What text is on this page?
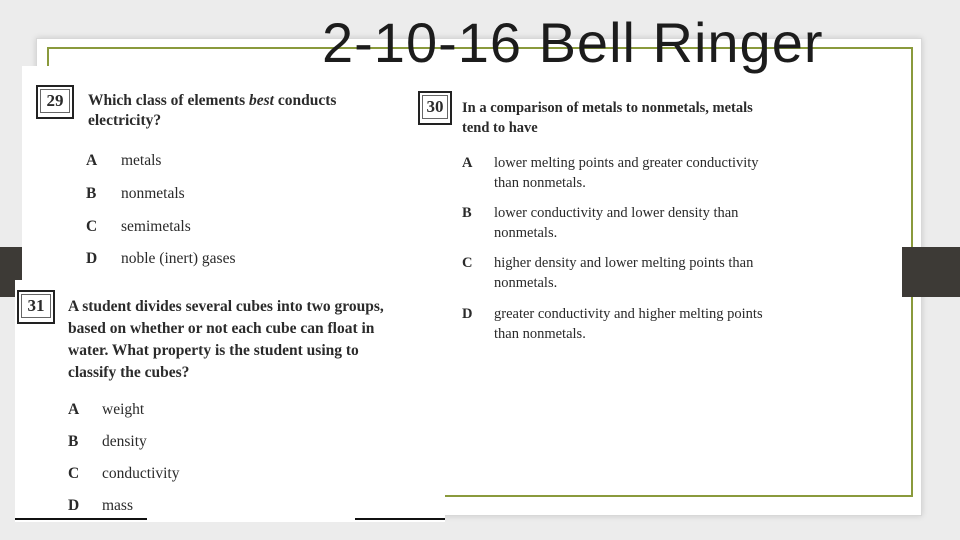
2-10-16 Bell Ringer
29	Which class of elements best conducts
electricity?
A metals
B nonmetals
C semimetals
D noble (inert) gases
30	In a comparison of metals to nonmetals, metals
tend to have
A lower melting points and greater conductivity
than nonmetals.
B lower conductivity and lower density than
nonmetals.
C higher density and lower melting points than
nonmetals.
D greater conductivity and higher melting points
than nonmetals.
31	A student divides several cubes into two groups,
based on whether or not each cube can float in
water. What property is the student using to
classify the cubes?
A weight
B density
C conductivity
D mass
